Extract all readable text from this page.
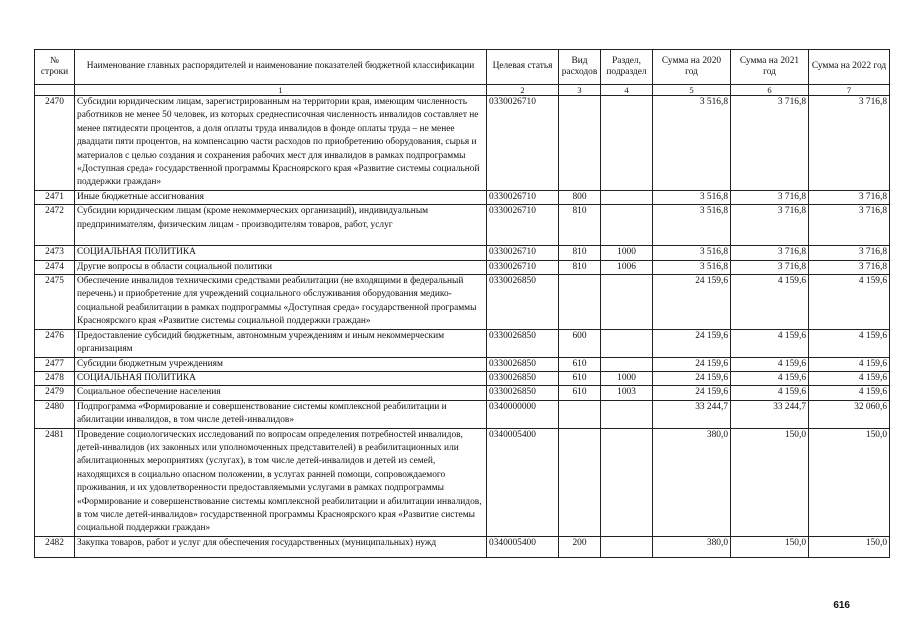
№ строки	Наименование главных распорядителей и наименование показателей бюджетной классификации	Целевая статья	Вид расходов	Раздел, подраздел	Сумма на 2020 год	Сумма на 2021 год	Сумма на 2022 год
	1	2	3	4	5	6	7
2470	Субсидии юридическим лицам, зарегистрированным на территории края, имеющим численность работников не менее 50 человек, из которых среднесписочная численность инвалидов составляет не менее пятидесяти процентов, а доля оплаты труда инвалидов в фонде оплаты труда – не менее двадцати пяти процентов, на компенсацию части расходов по приобретению оборудования, сырья и материалов с целью создания и сохранения рабочих мест для инвалидов в рамках подпрограммы «Доступная среда» государственной программы Красноярского края «Развитие системы социальной поддержки граждан»	0330026710			3 516,8	3 716,8	3 716,8
2471	Иные бюджетные ассигнования	0330026710	800		3 516,8	3 716,8	3 716,8
2472	Субсидии юридическим лицам (кроме некоммерческих организаций), индивидуальным предпринимателям, физическим лицам - производителям товаров, работ, услуг	0330026710	810		3 516,8	3 716,8	3 716,8
2473	СОЦИАЛЬНАЯ ПОЛИТИКА	0330026710	810	1000	3 516,8	3 716,8	3 716,8
2474	Другие вопросы в области социальной политики	0330026710	810	1006	3 516,8	3 716,8	3 716,8
2475	Обеспечение инвалидов техническими средствами реабилитации (не входящими в федеральный перечень) и приобретение для учреждений социального обслуживания оборудования медико-социальной реабилитации в рамках подпрограммы «Доступная среда» государственной программы Красноярского края «Развитие системы социальной поддержки граждан»	0330026850			24 159,6	4 159,6	4 159,6
2476	Предоставление субсидий бюджетным, автономным учреждениям и иным некоммерческим организациям	0330026850	600		24 159,6	4 159,6	4 159,6
2477	Субсидии бюджетным учреждениям	0330026850	610		24 159,6	4 159,6	4 159,6
2478	СОЦИАЛЬНАЯ ПОЛИТИКА	0330026850	610	1000	24 159,6	4 159,6	4 159,6
2479	Социальное обеспечение населения	0330026850	610	1003	24 159,6	4 159,6	4 159,6
2480	Подпрограмма «Формирование и совершенствование системы комплексной реабилитации и абилитации инвалидов, в том числе детей-инвалидов»	0340000000			33 244,7	33 244,7	32 060,6
2481	Проведение социологических исследований по вопросам определения потребностей инвалидов, детей-инвалидов (их законных или уполномоченных представителей) в реабилитационных или абилитационных мероприятиях (услугах), в том числе детей-инвалидов и детей из семей, находящихся в социально опасном положении, в услугах ранней помощи, сопровождаемого проживания, и их удовлетворенности предоставляемыми услугами в рамках подпрограммы «Формирование и совершенствование системы комплексной реабилитации и абилитации инвалидов, в том числе детей-инвалидов» государственной программы Красноярского края «Развитие системы социальной поддержки граждан»	0340005400			380,0	150,0	150,0
2482	Закупка товаров, работ и услуг для обеспечения государственных (муниципальных) нужд	0340005400	200		380,0	150,0	150,0
616
